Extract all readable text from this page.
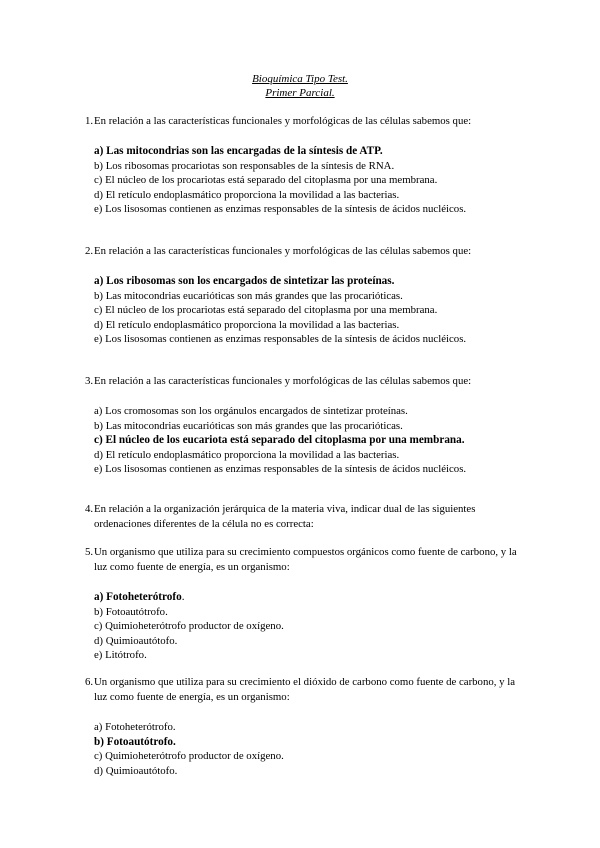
Bioquímica Tipo Test.
Primer Parcial.
1. En relación a las características funcionales y morfológicas de las células sabemos que:
a) Las mitocondrias son las encargadas de la síntesis de ATP.
b) Los ribosomas procariotas son responsables de la síntesis de RNA.
c) El núcleo de los procariotas está separado del citoplasma por una membrana.
d) El retículo endoplasmático proporciona la movilidad a las bacterias.
e) Los lisosomas contienen as enzimas responsables de la síntesis de ácidos nucléicos.
2. En relación a las características funcionales y morfológicas de las células sabemos que:
a) Los ribosomas son los encargados de sintetizar las proteínas.
b) Las mitocondrias eucarióticas son más grandes que las procarióticas.
c) El núcleo de los procariotas está separado del citoplasma por una membrana.
d) El retículo endoplasmático proporciona la movilidad a las bacterias.
e) Los lisosomas contienen as enzimas responsables de la síntesis de ácidos nucléicos.
3. En relación a las características funcionales y morfológicas de las células sabemos que:
a) Los cromosomas son los orgánulos encargados de sintetizar proteínas.
b) Las mitocondrias eucarióticas son más grandes que las procarióticas.
c) El núcleo de los eucariota está separado del citoplasma por una membrana.
d) El retículo endoplasmático proporciona la movilidad a las bacterias.
e) Los lisosomas contienen as enzimas responsables de la síntesis de ácidos nucléicos.
4. En relación a la organización jerárquica de la materia viva, indicar dual de las siguientes ordenaciones diferentes de la célula no es correcta:
5. Un organismo que utiliza para su crecimiento compuestos orgánicos como fuente de carbono, y la luz como fuente de energía, es un organismo:
a) Fotoheterótrofo.
b) Fotoautótrofo.
c) Quimioheterótrofo productor de oxígeno.
d) Quimioautótofo.
e) Litótrofo.
6. Un organismo que utiliza para su crecimiento el dióxido de carbono como fuente de carbono, y la luz como fuente de energía, es un organismo:
a) Fotoheterótrofo.
b) Fotoautótrofo.
c) Quimioheterótrofo productor de oxígeno.
d) Quimioautótofo.
